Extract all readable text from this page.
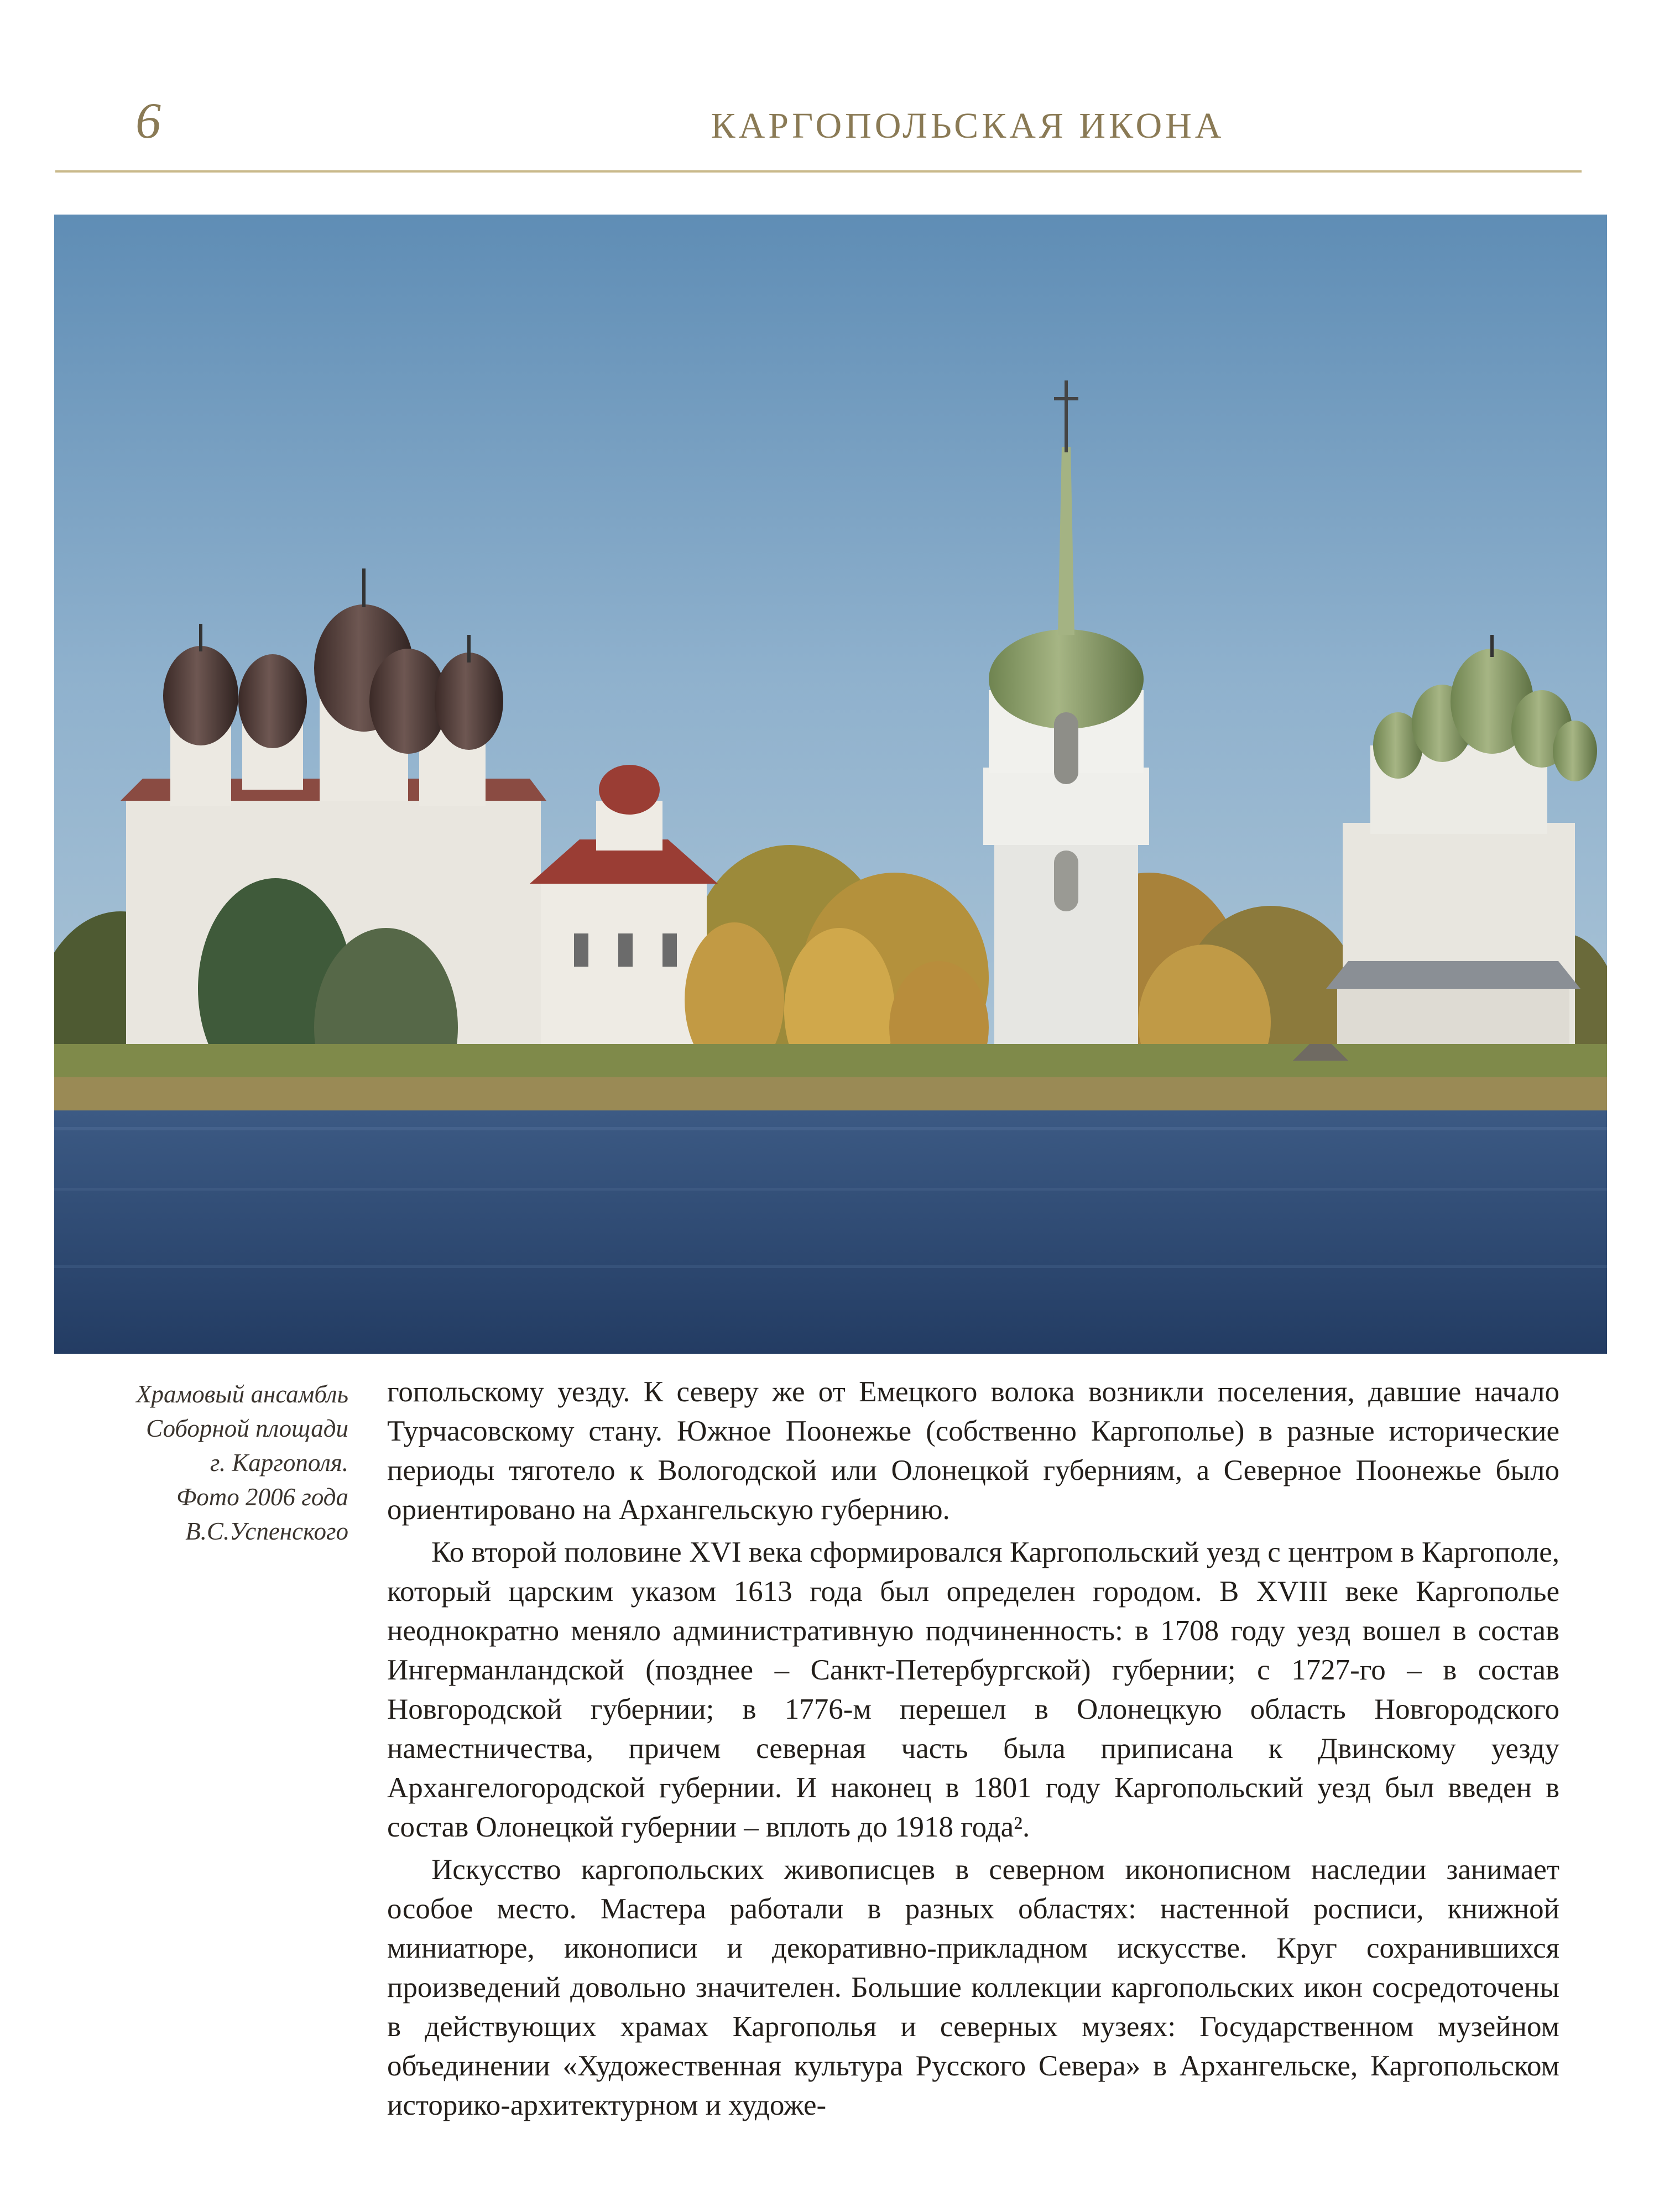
6	КАРГОПОЛЬСКАЯ ИКОНА
Храмовый ансамбль
Соборной площади
г. Каргополя.
Фото 2006 года
В.С.Успенского

гопольскому уезду. К северу же от Емецкого волока возникли поселения, давшие начало Турчасовскому стану. Южное Поонежье (собственно Каргополье) в разные исторические периоды тяготело к Вологодской или Олонецкой губерниям, а Северное Поонежье было ориентировано на Архангельскую губернию.

Ко второй половине XVI века сформировался Каргопольский уезд с центром в Каргополе, который царским указом 1613 года был определен городом. В XVIII веке Каргополье неоднократно меняло административную подчиненность: в 1708 году уезд вошел в состав Ингерманландской (позднее – Санкт-Петербургской) губернии; с 1727-го – в состав Новгородской губернии; в 1776-м перешел в Олонецкую область Новгородского наместничества, причем северная часть была приписана к Двинскому уезду Архангелогородской губернии. И наконец в 1801 году Каргопольский уезд был введен в состав Олонецкой губернии – вплоть до 1918 года².

Искусство каргопольских живописцев в северном иконописном наследии занимает особое место. Мастера работали в разных областях: настенной росписи, книжной миниатюре, иконописи и декоративно-прикладном искусстве. Круг сохранившихся произведений довольно значителен. Большие коллекции каргопольских икон сосредоточены в действующих храмах Каргополья и северных музеях: Государственном музейном объединении «Художественная культура Русского Севера» в Архангельске, Каргопольском историко-архитектурном и художе-
